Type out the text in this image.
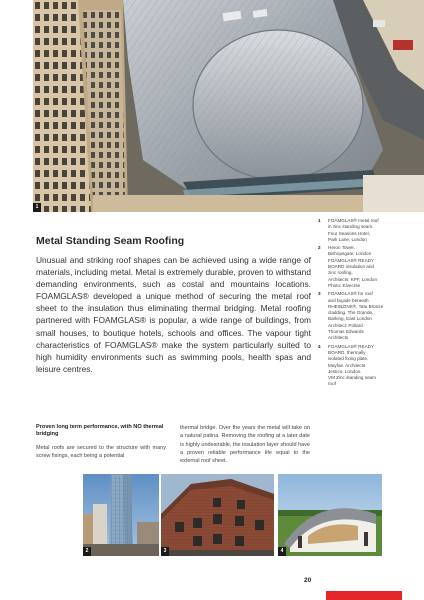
1
1 FOAMGLAS® metal roof
in zinc standing seam.
Four Seasons Hotel,
Park Lane, London
2 Heron Tower,
Bishopsgate, London
FOAMGLAS® READY
BOARD insulation and
zinc roofing.
Architects: KPF, London
Photo: Elvecrite
3 FOAMGLAS® for roof
and façade beneath
RHEINZINK®, Tata Bronze
cladding. The Grande,
Barking, East London
Architect: Pollard
Thomas Edwards
Architects
4 FOAMGLAS® READY
BOARD, thermally
isolated fixing plate.
Mayfair. Architects
Jestico, London.
VM Zinc standing seam
roof
Metal Standing Seam Roofing

Unusual and striking roof shapes can be achieved using a wide range of materials, including metal. Metal is extremely durable, proven to withstand demanding environments, such as costal and mountains locations. FOAMGLAS® developed a unique method of securing the metal roof sheet to the insulation thus eliminating thermal bridging. Metal roofing partnered with FOAMGLAS® is popular, a wide range of buildings, from small houses, to boutique hotels, schools and offices. The vapour tight characteristics of FOAMGLAS® make the system particularly suited to high humidity environments such as swimming pools, health spas and leisure centres.

Proven long term performance, with NO thermal bridging

Metal roofs are secured to the structure with many screw fixings, each being a potential

thermal bridge. Over the years the metal will take on a natural patina. Removing the roofing at a later date is highly undesirable, the insulation layer should have a proven reliable performance life equal to the external roof sheet.

2	3	4
20
